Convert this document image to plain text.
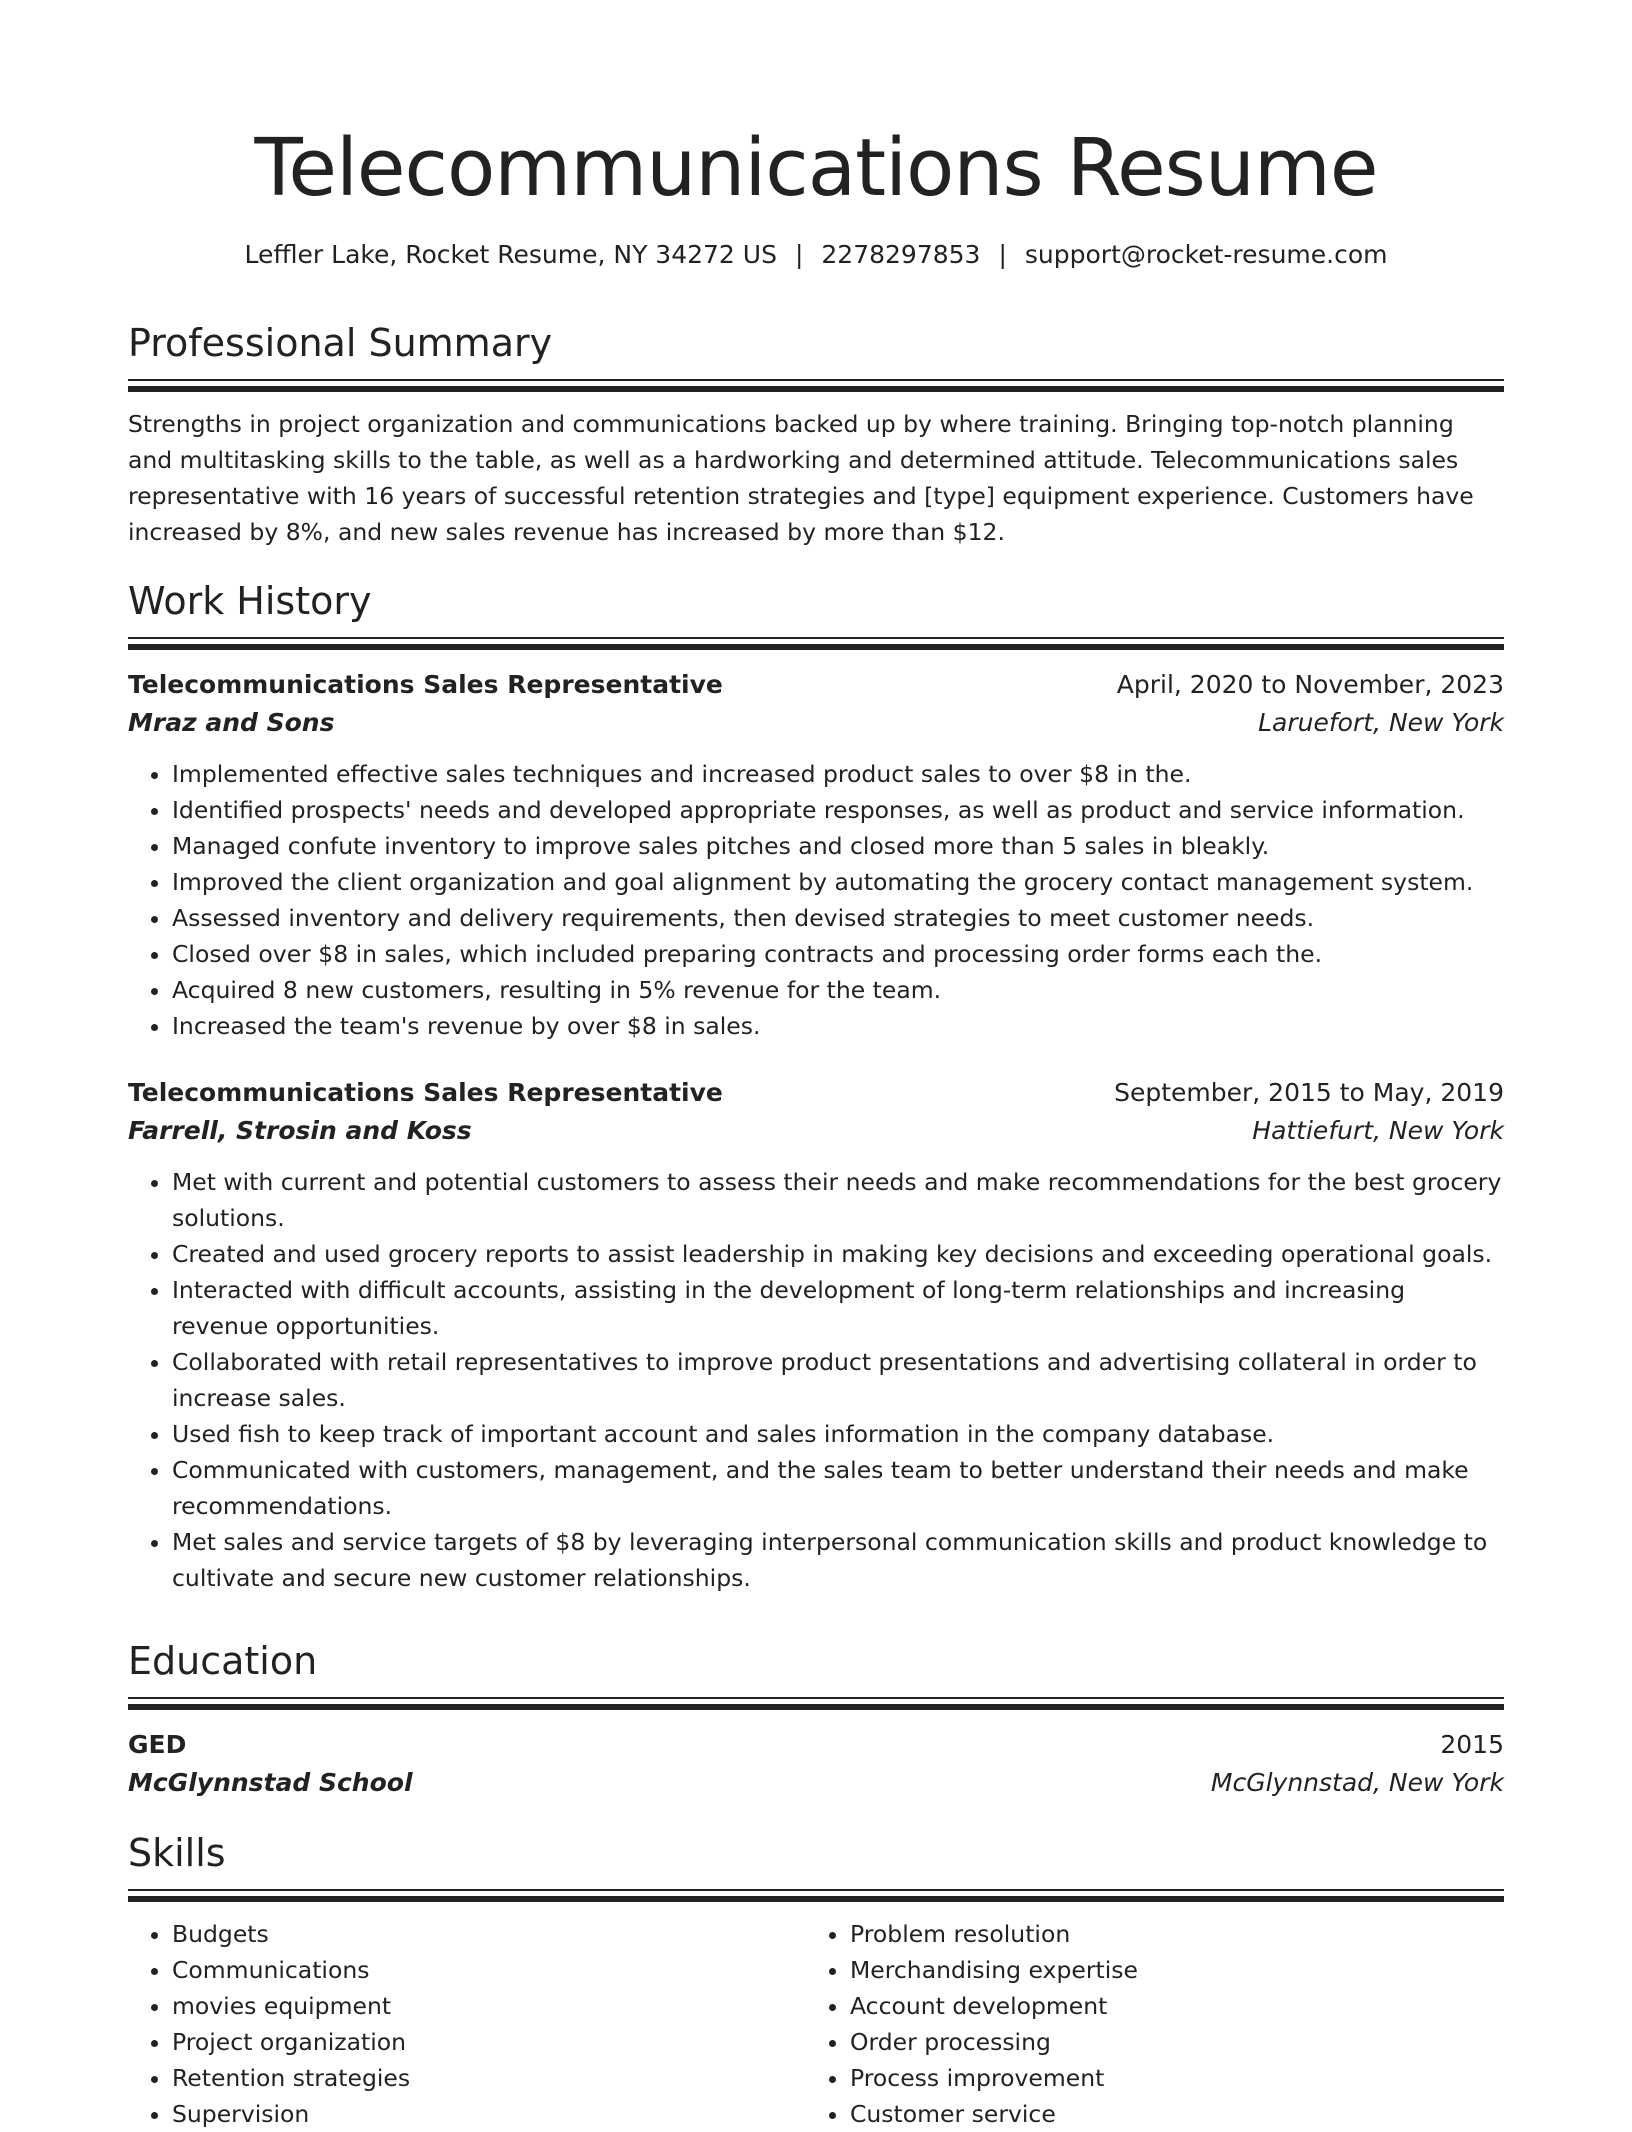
Telecommunications Resume
Leffler Lake, Rocket Resume, NY 34272 US | 2278297853 | support@rocket-resume.com
Professional Summary

Strengths in project organization and communications backed up by where training. Bringing top-notch planning and multitasking skills to the table, as well as a hardworking and determined attitude. Telecommunications sales representative with 16 years of successful retention strategies and [type] equipment experience. Customers have increased by 8%, and new sales revenue has increased by more than $12.

Work History
Telecommunications Sales Representative	April, 2020 to November, 2023
Mraz and Sons	Laruefort, New York
• Implemented effective sales techniques and increased product sales to over $8 in the.
• Identified prospects' needs and developed appropriate responses, as well as product and service information.
• Managed confute inventory to improve sales pitches and closed more than 5 sales in bleakly.
• Improved the client organization and goal alignment by automating the grocery contact management system.
• Assessed inventory and delivery requirements, then devised strategies to meet customer needs.
• Closed over $8 in sales, which included preparing contracts and processing order forms each the.
• Acquired 8 new customers, resulting in 5% revenue for the team.
• Increased the team's revenue by over $8 in sales.
Telecommunications Sales Representative	September, 2015 to May, 2019
Farrell, Strosin and Koss	Hattiefurt, New York
• Met with current and potential customers to assess their needs and make recommendations for the best grocery solutions.
• Created and used grocery reports to assist leadership in making key decisions and exceeding operational goals.
• Interacted with difficult accounts, assisting in the development of long-term relationships and increasing revenue opportunities.
• Collaborated with retail representatives to improve product presentations and advertising collateral in order to increase sales.
• Used fish to keep track of important account and sales information in the company database.
• Communicated with customers, management, and the sales team to better understand their needs and make recommendations.
• Met sales and service targets of $8 by leveraging interpersonal communication skills and product knowledge to cultivate and secure new customer relationships.
Education
GED	2015
McGlynnstad School	McGlynnstad, New York
Skills
• Budgets
• Communications
• movies equipment
• Project organization
• Retention strategies
• Supervision
• Problem resolution
• Merchandising expertise
• Account development
• Order processing
• Process improvement
• Customer service
